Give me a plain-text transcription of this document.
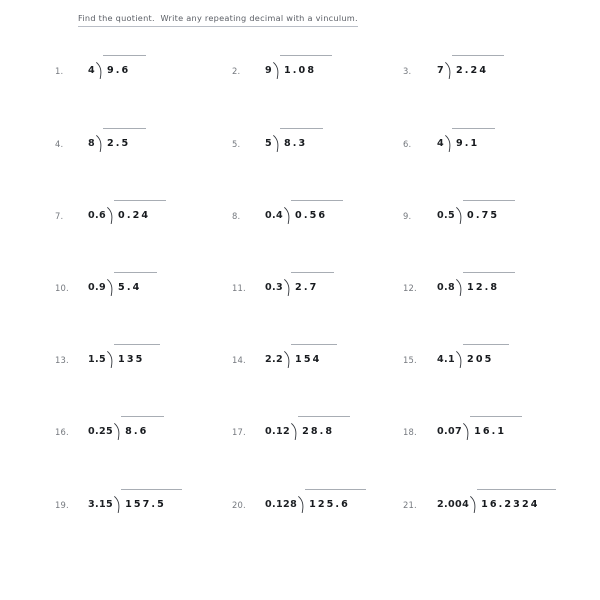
Find the quotient.  Write any repeating decimal with a vinculum.
1.	4	9.6	2.	9	1.08	3.	7	2.24
4.	8	2.5	5.	5	8.3	6.	4	9.1
7.	0.6	0.24	8.	0.4	0.56	9.	0.5	0.75
10. 0.9	5.4	11. 0.3	2.7	12. 0.8	12.8
13. 1.5	135	14. 2.2	154	15. 4.1	205
16. 0.25	8.6	17. 0.12	28.8	18. 0.07	16.1
19. 3.15	157.5	20. 0.128	125.6	21. 2.004	16.2324
